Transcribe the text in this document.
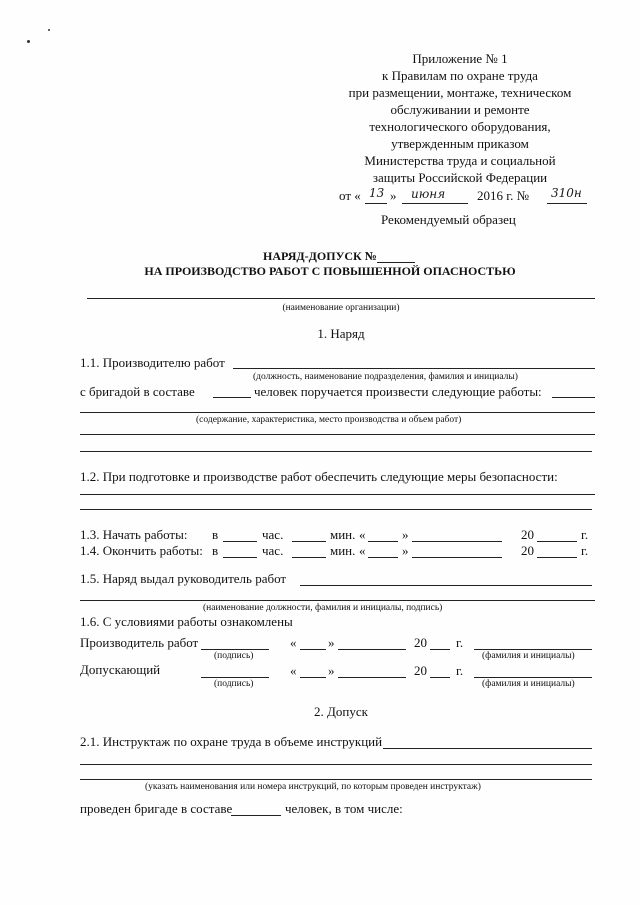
Приложение № 1
к Правилам по охране труда
при размещении, монтаже, техническом
обслуживании и ремонте
технологического оборудования,
утвержденным приказом
Министерства труда и социальной
защиты Российской Федерации
от « 13 » июня 2016 г. № 310н
Рекомендуемый образец
НАРЯД-ДОПУСК №
НА ПРОИЗВОДСТВО РАБОТ С ПОВЫШЕННОЙ ОПАСНОСТЬЮ
(наименование организации)
1. Наряд
1.1. Производителю работ
(должность, наименование подразделения, фамилия и инициалы)
с бригадой в составе	человек поручается произвести следующие работы:
(содержание, характеристика, место производства и объем работ)
1.2. При подготовке и производстве работ обеспечить следующие меры безопасности:
1.3. Начать работы: в	час.	мин. «	»	20	г.
1.4. Окончить работы: в	час.	мин. «	»	20	г.
1.5. Наряд выдал руководитель работ
(наименование должности, фамилия и инициалы, подпись)
1.6. С условиями работы ознакомлены
Производитель работ	« »	20 г.
(подпись)	(фамилия и инициалы)
Допускающий	« »	20 г.
(подпись)	(фамилия и инициалы)
2. Допуск
2.1. Инструктаж по охране труда в объеме инструкций
(указать наименования или номера инструкций, по которым проведен инструктаж)
проведен бригаде в составе	человек, в том числе:
